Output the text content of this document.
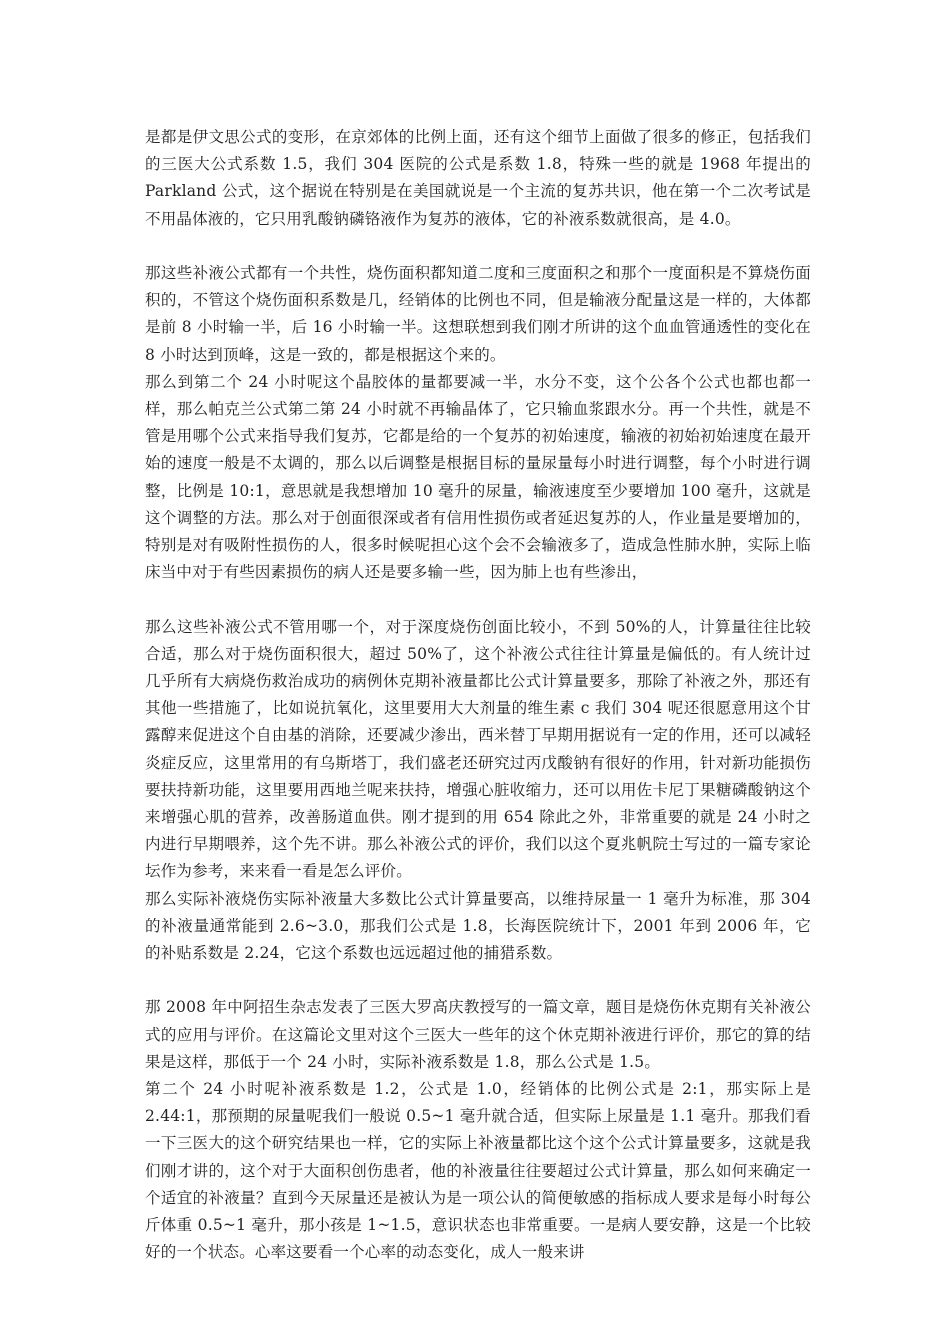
是都是伊文思公式的变形，在京郊体的比例上面，还有这个细节上面做了很多的修正，包括我们的三医大公式系数 1.5，我们 304 医院的公式是系数 1.8，特殊一些的就是 1968 年提出的 Parkland 公式，这个据说在特别是在美国就说是一个主流的复苏共识，他在第一个二次考试是不用晶体液的，它只用乳酸钠磷铬液作为复苏的液体，它的补液系数就很高，是 4.0。

那这些补液公式都有一个共性，烧伤面积都知道二度和三度面积之和那个一度面积是不算烧伤面积的，不管这个烧伤面积系数是几，经销体的比例也不同，但是输液分配量这是一样的，大体都是前 8 小时输一半，后 16 小时输一半。这想联想到我们刚才所讲的这个血血管通透性的变化在 8 小时达到顶峰，这是一致的，都是根据这个来的。

那么到第二个 24 小时呢这个晶胶体的量都要减一半，水分不变，这个公各个公式也都也都一样，那么帕克兰公式第二第 24 小时就不再输晶体了，它只输血浆跟水分。再一个共性，就是不管是用哪个公式来指导我们复苏，它都是给的一个复苏的初始速度，输液的初始初始速度在最开始的速度一般是不太调的，那么以后调整是根据目标的量尿量每小时进行调整，每个小时进行调整，比例是 10:1，意思就是我想增加 10 毫升的尿量，输液速度至少要增加 100 毫升，这就是这个调整的方法。那么对于创面很深或者有信用性损伤或者延迟复苏的人，作业量是要增加的，特别是对有吸附性损伤的人，很多时候呢担心这个会不会输液多了，造成急性肺水肿，实际上临床当中对于有些因素损伤的病人还是要多输一些，因为肺上也有些渗出，

那么这些补液公式不管用哪一个，对于深度烧伤创面比较小，不到 50%的人，计算量往往比较合适，那么对于烧伤面积很大，超过 50%了，这个补液公式往往计算量是偏低的。有人统计过几乎所有大病烧伤救治成功的病例休克期补液量都比公式计算量要多，那除了补液之外，那还有其他一些措施了，比如说抗氧化，这里要用大大剂量的维生素 c 我们 304 呢还很愿意用这个甘露醇来促进这个自由基的消除，还要减少渗出，西米替丁早期用据说有一定的作用，还可以减轻炎症反应，这里常用的有乌斯塔丁，我们盛老还研究过丙戊酸钠有很好的作用，针对新功能损伤要扶持新功能，这里要用西地兰呢来扶持，增强心脏收缩力，还可以用佐卡尼丁果糖磷酸钠这个来增强心肌的营养，改善肠道血供。刚才提到的用 654 除此之外，非常重要的就是 24 小时之内进行早期喂养，这个先不讲。那么补液公式的评价，我们以这个夏兆帆院士写过的一篇专家论坛作为参考，来来看一看是怎么评价。

那么实际补液烧伤实际补液量大多数比公式计算量要高，以维持尿量一 1 毫升为标准，那 304 的补液量通常能到 2.6~3.0，那我们公式是 1.8，长海医院统计下，2001 年到 2006 年，它的补贴系数是 2.24，它这个系数也远远超过他的捕猎系数。

那 2008 年中阿招生杂志发表了三医大罗高庆教授写的一篇文章，题目是烧伤休克期有关补液公式的应用与评价。在这篇论文里对这个三医大一些年的这个休克期补液进行评价，那它的算的结果是这样，那低于一个 24 小时，实际补液系数是 1.8，那么公式是 1.5。

第二个 24 小时呢补液系数是 1.2，公式是 1.0，经销体的比例公式是 2:1，那实际上是 2.44:1，那预期的尿量呢我们一般说 0.5~1 毫升就合适，但实际上尿量是 1.1 毫升。那我们看一下三医大的这个研究结果也一样，它的实际上补液量都比这个这个公式计算量要多，这就是我们刚才讲的，这个对于大面积创伤患者，他的补液量往往要超过公式计算量，那么如何来确定一个适宜的补液量？直到今天尿量还是被认为是一项公认的简便敏感的指标成人要求是每小时每公斤体重 0.5~1 毫升，那小孩是 1~1.5，意识状态也非常重要。一是病人要安静，这是一个比较好的一个状态。心率这要看一个心率的动态变化，成人一般来讲
